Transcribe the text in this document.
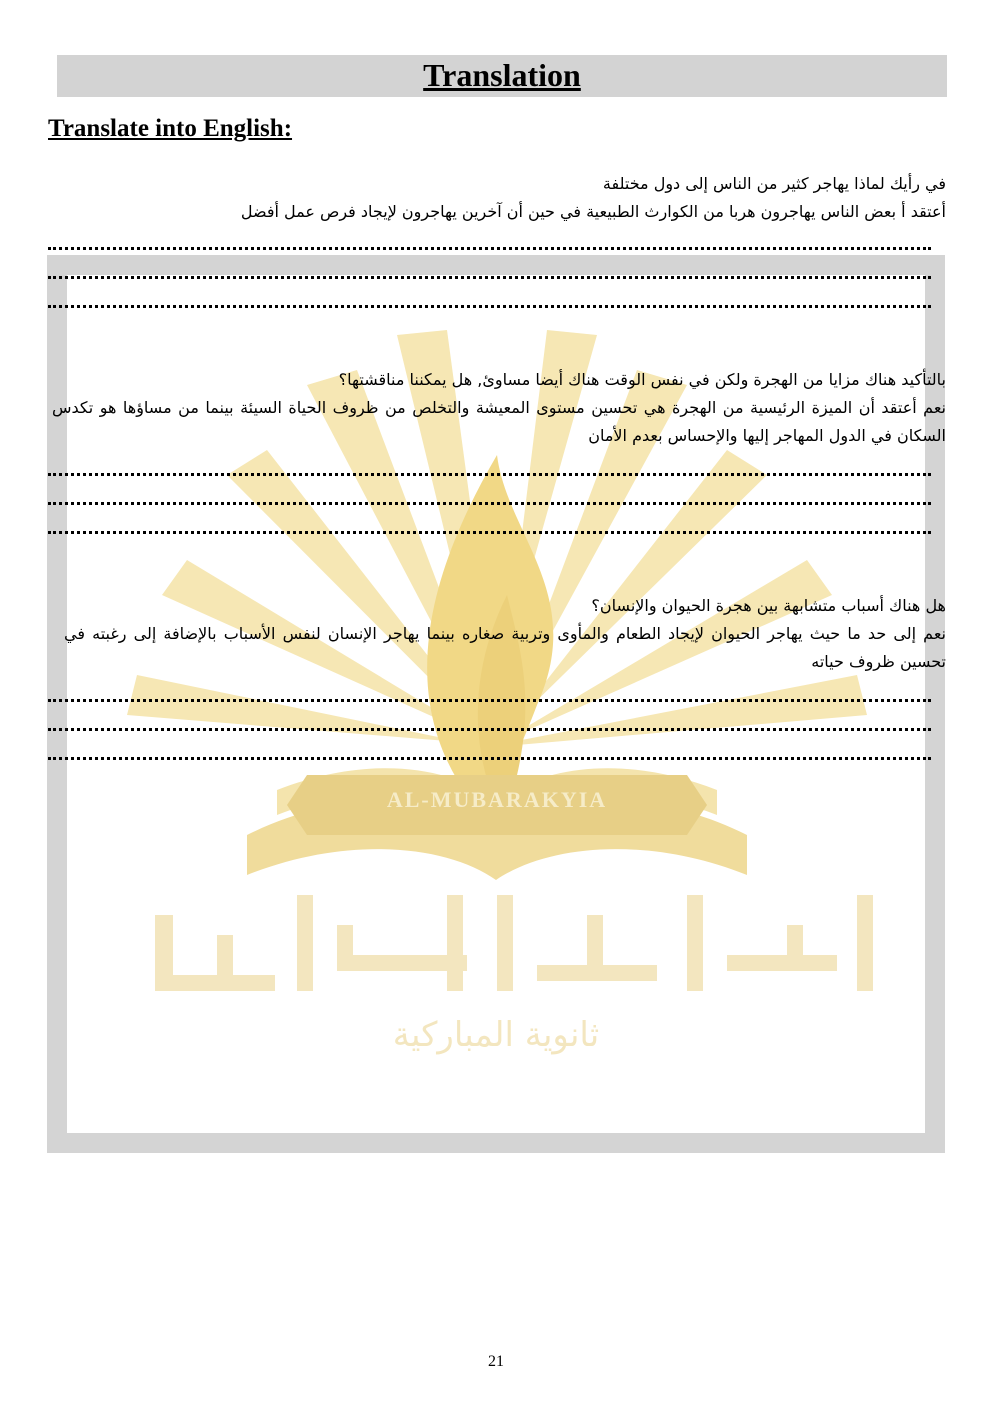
Translation
Translate into English:
AL-MUBARAKYIA
ثانوية المباركية
في رأيك لماذا يهاجر كثير من الناس إلى دول مختلفة
أعتقد أ بعض الناس يهاجرون هربا من الكوارث الطبيعية في حين أن آخرين يهاجرون لإيجاد فرص عمل أفضل
بالتأكيد هناك مزايا من الهجرة ولكن في نفس الوقت هناك أيضا مساوئ, هل يمكننا مناقشتها؟
نعم أعتقد أن الميزة الرئيسية من الهجرة هي تحسين مستوى المعيشة والتخلص من ظروف الحياة السيئة بينما من مساؤها هو تكدس السكان في الدول المهاجر إليها والإحساس بعدم الأمان
هل هناك أسباب متشابهة بين هجرة الحيوان والإنسان؟
نعم إلى حد ما حيث يهاجر الحيوان لإيجاد الطعام والمأوى وتربية صغاره بينما يهاجر الإنسان لنفس الأسباب بالإضافة إلى رغبته في تحسين ظروف حياته
21
